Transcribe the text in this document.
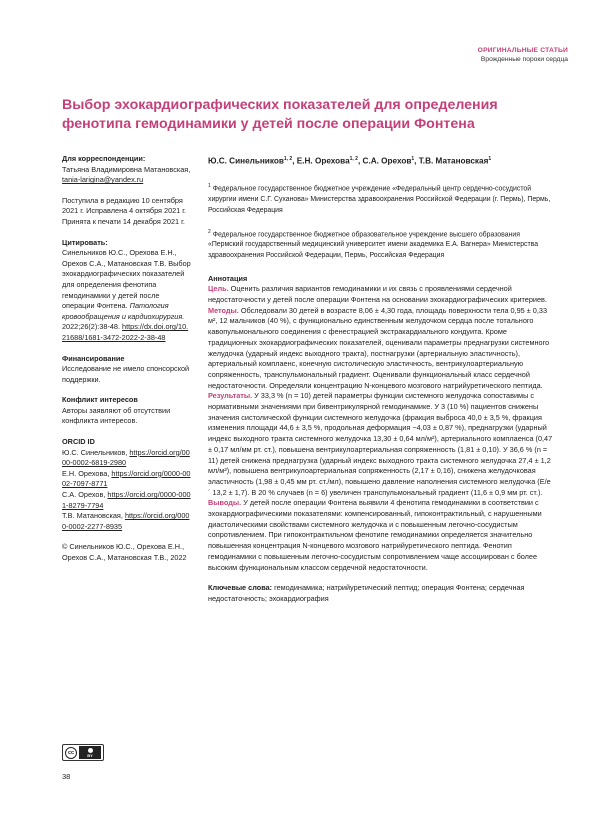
ОРИГИНАЛЬНЫЕ СТАТЬИ
Врожденные пороки сердца
Выбор эхокардиографических показателей для определения фенотипа гемодинамики у детей после операции Фонтена
Для корреспонденции:
Татьяна Владимировна Матановская,
tania-larigina@yandex.ru
Поступила в редакцию 10 сентября 2021 г. Исправлена 4 октября 2021 г. Принята к печати 14 декабря 2021 г.
Цитировать:
Синельников Ю.С., Орехова Е.Н., Орехов С.А., Матановская Т.В. Выбор эхокардиографических показателей для определения фенотипа гемодинамики у детей после операции Фонтена. Патология кровообращения и кардиохирургия. 2022;26(2):38-48. https://dx.doi.org/10.21688/1681-3472-2022-2-38-48
Финансирование
Исследование не имело спонсорской поддержки.
Конфликт интересов
Авторы заявляют об отсутствии конфликта интересов.
ORCID ID
Ю.С. Синельников, https://orcid.org/0000-0002-6819-2980
Е.Н. Орехова, https://orcid.org/0000-0002-7097-8771
С.А. Орехов, https://orcid.org/0000-0001-8279-7794
Т.В. Матановская, https://orcid.org/0000-0002-2277-8935
© Синельников Ю.С., Орехова Е.Н., Орехов С.А., Матановская Т.В., 2022
Ю.С. Синельников$^{1, 2}$, Е.Н. Орехова$^{1, 2}$, С.А. Орехов$^1$, Т.В. Матановская$^1$
$^1$ Федеральное государственное бюджетное учреждение «Федеральный центр сердечно-сосудистой хирургии имени С.Г. Суханова» Министерства здравоохранения Российской Федерации (г. Пермь), Пермь, Российская Федерация
$^2$ Федеральное государственное бюджетное образовательное учреждение высшего образования «Пермский государственный медицинский университет имени академика Е.А. Вагнера» Министерства здравоохранения Российской Федерации, Пермь, Российская Федерация
Аннотация

Цель. Оценить различия вариантов гемодинамики и их связь с проявлениями сердечной недостаточности у детей после операции Фонтена на основании эхокардиографических критериев.

Методы. Обследовали 30 детей в возрасте 8,06 ± 4,30 года, площадь поверхности тела 0,95 ± 0,33 м², 12 мальчиков (40 %), с функционально единственным желудочком сердца после тотального кавопульмонального соединения с фенестрацией экстракардиального кондуита. Кроме традиционных эхокардиографических показателей, оценивали параметры преднагрузки системного желудочка (ударный индекс выходного тракта), постнагрузки (артериальную эластичность), артериальный комплаенс, конечную систолическую эластичность, вентрикулоартериальную сопряженность, транспульмональный градиент. Оценивали функциональный класс сердечной недостаточности. Определяли концентрацию N-концевого мозгового натрийуретического пептида.

Результаты. У 33,3 % (n = 10) детей параметры функции системного желудочка сопоставимы с нормативными значениями при бивентрикулярной гемодинамике. У 3 (10 %) пациентов снижены значения систолической функции системного желудочка (фракция выброса 40,0 ± 3,5 %, фракция изменения площади 44,6 ± 3,5 %, продольная деформация −4,03 ± 0,87 %), преднагрузки (ударный индекс выходного тракта системного желудочка 13,30 ± 0,64 мл/м²), артериального комплаенса (0,47 ± 0,17 мл/мм рт. ст.), повышена вентрикулоартериальная сопряженность (1,81 ± 0,10). У 36,6 % (n = 11) детей снижена преднагрузка (ударный индекс выходного тракта системного желудочка 27,4 ± 1,2 мл/м²), повышена вентрикулоартериальная сопряженность (2,17 ± 0,16), снижена желудочковая эластичность (1,98 ± 0,45 мм рт. ст./мл), повышено давление наполнения системного желудочка (E/e´ 13,2 ± 1,7). В 20 % случаев (n = 6) увеличен транспульмональный градиент (11,6 ± 0,9 мм рт. ст.).

Выводы. У детей после операции Фонтена выявили 4 фенотипа гемодинамики в соответствии с эхокардиографическими показателями: компенсированный, гипоконтрактильный, с нарушенными диастолическими свойствами системного желудочка и с повышенным легочно-сосудистым сопротивлением. При гипоконтрактильном фенотипе гемодинамики определяется значительно повышенная концентрация N-концевого мозгового натрийуретического пептида. Фенотип гемодинамики с повышенным легочно-сосудистым сопротивлением чаще ассоциирован с более высоким функциональным классом сердечной недостаточности.

Ключевые слова: гемодинамика; натрийуретический пептид; операция Фонтена; сердечная недостаточность; эхокардиография
cc	BY
38
